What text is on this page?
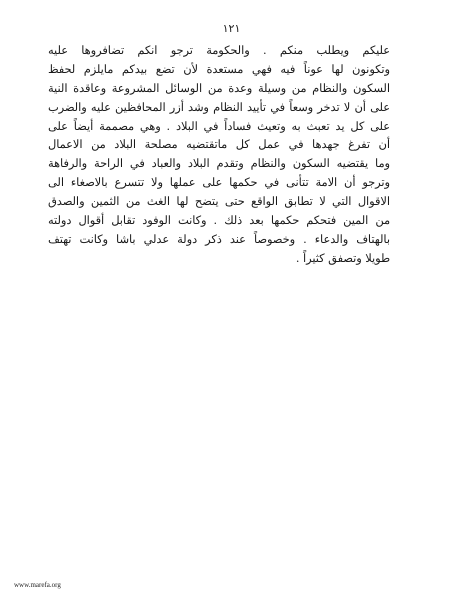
١٢١
عليكم ويطلب منكم . والحكومة ترجو انكم تضافروها عليه
وتكونون لها عوناً فيه فهي مستعدة لأن تضع بيدكم مايلزم لحفظ
السكون والنظام من وسيلة وعدة من الوسائل المشروعة وعاقدة النية
على أن لا تدخر وسعاً في تأييد النظام وشد أزر المحافظين عليه والضرب
على كل يد تعبث به وتعيث فساداً في البلاد . وهي مصممة أيضاً على
أن تفرغ جهدها في عمل كل ماتقتضيه مصلحة البلاد من الاعمال
وما يقتضيه السكون والنظام وتقدم البلاد والعباد في الراحة والرفاهة
وترجو أن الامة تتأنى في حكمها على عملها ولا تتسرع بالاصغاء الى
الاقوال التي لا تطابق الواقع حتى يتضح لها الغث من الثمين والصدق
من المين فتحكم حكمها بعد ذلك . وكانت الوفود تقابل أقوال دولته
بالهتاف والدعاء . وخصوصاً عند ذكر دولة عدلي باشا وكانت تهتف
طويلا وتصفق كثيراً .
www.marefa.org
